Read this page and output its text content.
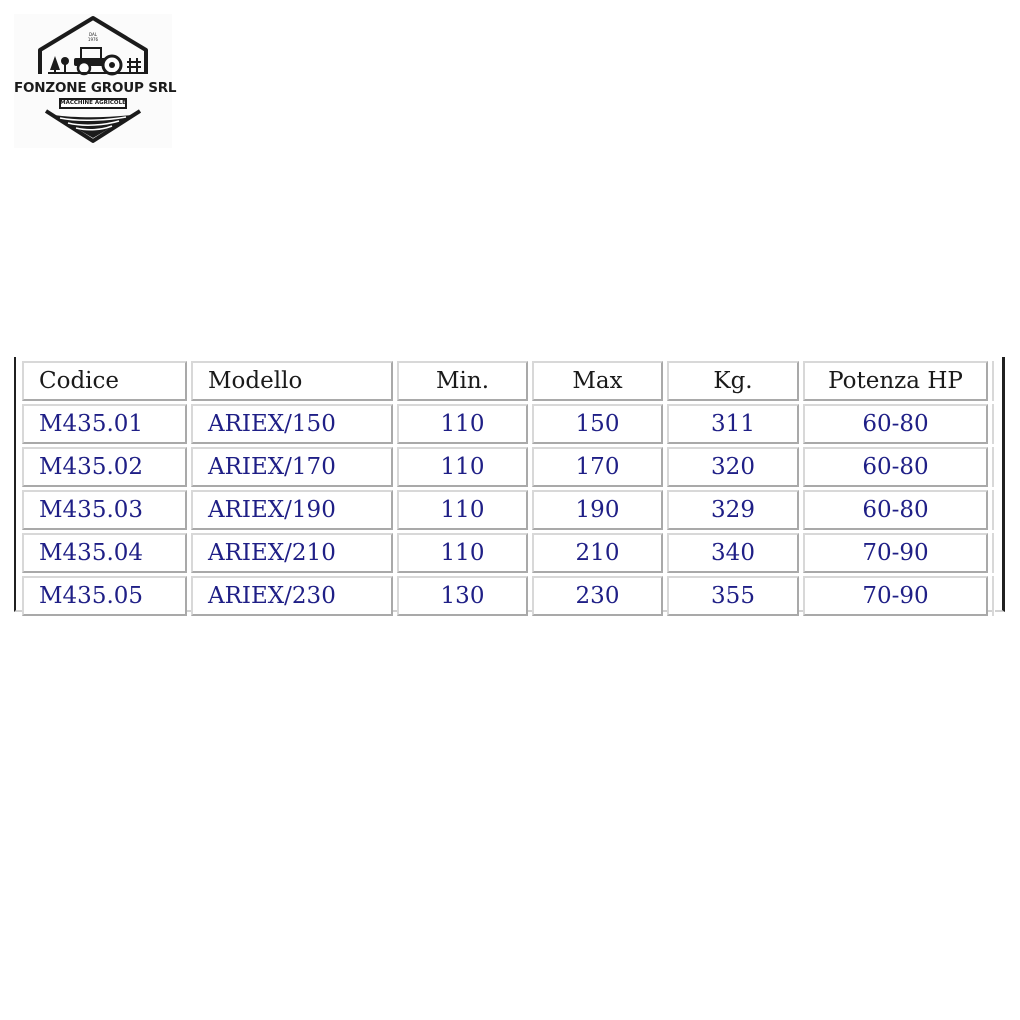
DAL
1976
FONZONE GROUP SRL
MACCHINE AGRICOLE
Codice	Modello	Min.	Max	Kg.	Potenza HP	
M435.01	ARIEX/150	110	150	311	60-80	
M435.02	ARIEX/170	110	170	320	60-80	
M435.03	ARIEX/190	110	190	329	60-80	
M435.04	ARIEX/210	110	210	340	70-90	
M435.05	ARIEX/230	130	230	355	70-90	
